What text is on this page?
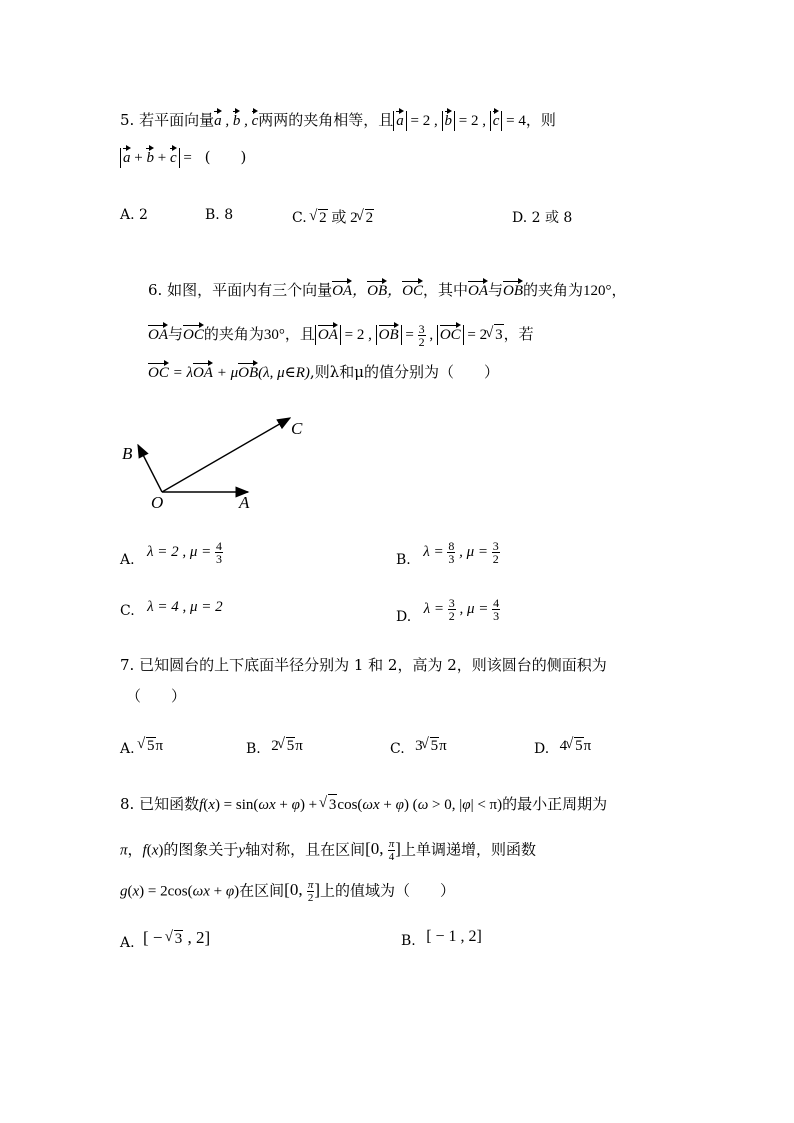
5. 若平面向量a , b , c两两的夹角相等，且 a = 2 , b = 2 , c = 4，则
a + b + c = (　　)
A. 2	B. 8	C. √ 2 或 2 √ 2	D. 2 或 8
6. 如图，平面内有三个向量OA，OB，OC，其中OA与OB的夹角为120°，
OA与OC的夹角为30°，且 OA = 2 , OB = $\frac{3}{2}$ , OC = 2 √ 3，若
OC = λOA + μOB(λ, μ∈R),则λ和μ的值分别为（　　）
B
C
O	A
A. λ = 2 , $\mu = \frac{4}{3}$	B. $\lambda = \frac{8}{3}$ , $\mu = \frac{3}{2}$
C. λ = 4 , μ = 2
D. $\lambda = \frac{3}{2}$ , $\mu = \frac{4}{3}$
7. 已知圆台的上下底面半径分别为 1 和 2，高为 2，则该圆台的侧面积为
（　　）
A. √ 5π	B. 2 √ 5π	C. 3 √ 5π	D. 4 √ 5π
8. 已知函数f(x) = sin(ωx + φ) + √ 3cos(ωx + φ) (ω > 0, |φ| < π)的最小正周期为
π，f(x)的图象关于y轴对称，且在区间[0, $\frac{\pi}{4}$ ]上单调递增，则函数
g(x) = 2cos(ωx + φ)在区间[0, $\frac{\pi}{2}$ ]上的值域为（　　）
A. [ − √ 3 , 2]	B. [ − 1 , 2]
